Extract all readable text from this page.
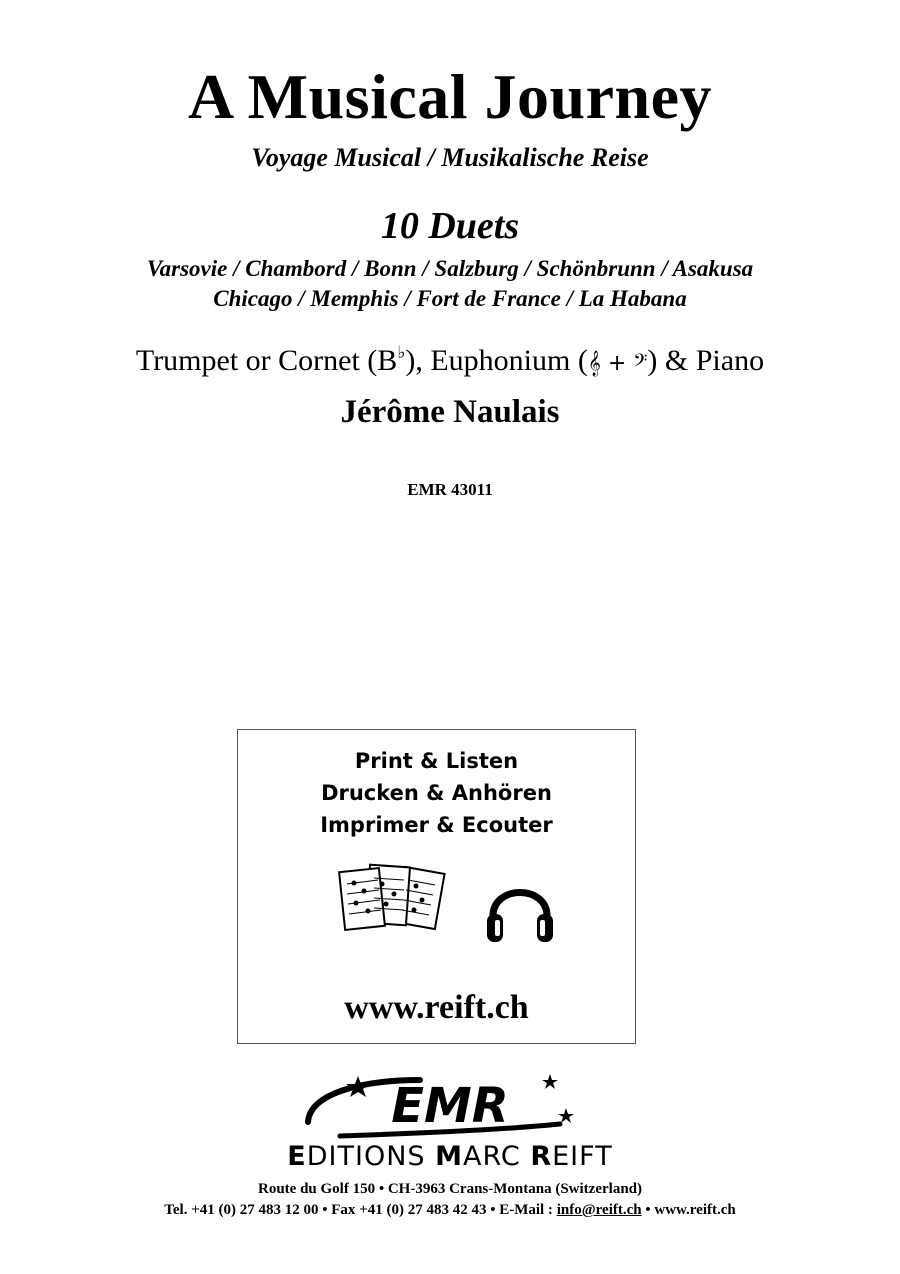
A Musical Journey
Voyage Musical / Musikalische Reise
10 Duets
Varsovie / Chambord / Bonn / Salzburg / Schönbrunn / Asakusa
Chicago / Memphis / Fort de France / La Habana
Trumpet or Cornet (B♭), Euphonium (𝄞 + 𝄢) & Piano
Jérôme Naulais
EMR 43011
Print & Listen
Drucken & Anhören
Imprimer & Ecouter
www.reift.ch
EMR
EDITIONS MARC REIFT
Route du Golf 150 • CH-3963 Crans-Montana (Switzerland)
Tel. +41 (0) 27 483 12 00 • Fax +41 (0) 27 483 42 43 • E-Mail : info@reift.ch • www.reift.ch
